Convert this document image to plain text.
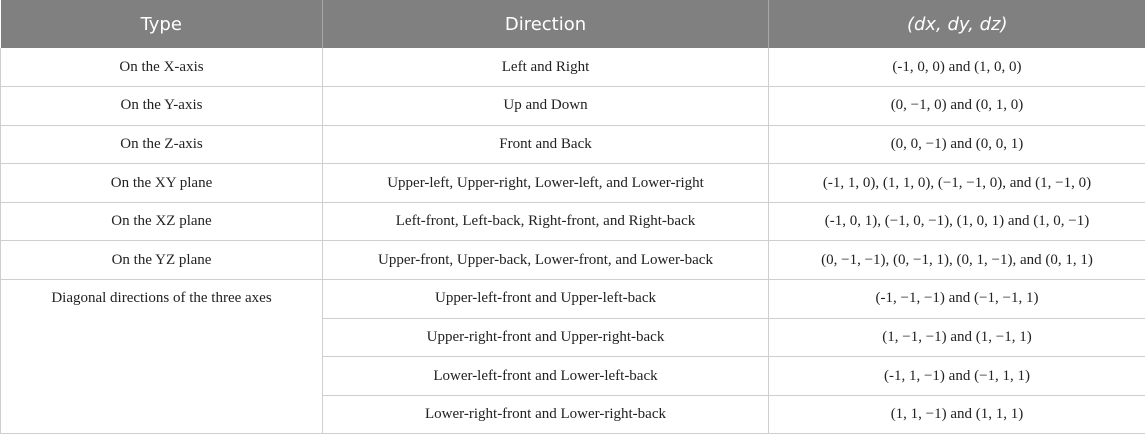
Type	Direction	(dx, dy, dz)
On the X-axis	Left and Right	(-1, 0, 0) and (1, 0, 0)
On the Y-axis	Up and Down	(0, −1, 0) and (0, 1, 0)
On the Z-axis	Front and Back	(0, 0, −1) and (0, 0, 1)
On the XY plane	Upper-left, Upper-right, Lower-left, and Lower-right	(-1, 1, 0), (1, 1, 0), (−1, −1, 0), and (1, −1, 0)
On the XZ plane	Left-front, Left-back, Right-front, and Right-back	(-1, 0, 1), (−1, 0, −1), (1, 0, 1) and (1, 0, −1)
On the YZ plane	Upper-front, Upper-back, Lower-front, and Lower-back	(0, −1, −1), (0, −1, 1), (0, 1, −1), and (0, 1, 1)
Diagonal directions of the three axes	Upper-left-front and Upper-left-back	(-1, −1, −1) and (−1, −1, 1)
	Upper-right-front and Upper-right-back	(1, −1, −1) and (1, −1, 1)
	Lower-left-front and Lower-left-back	(-1, 1, −1) and (−1, 1, 1)
	Lower-right-front and Lower-right-back	(1, 1, −1) and (1, 1, 1)
